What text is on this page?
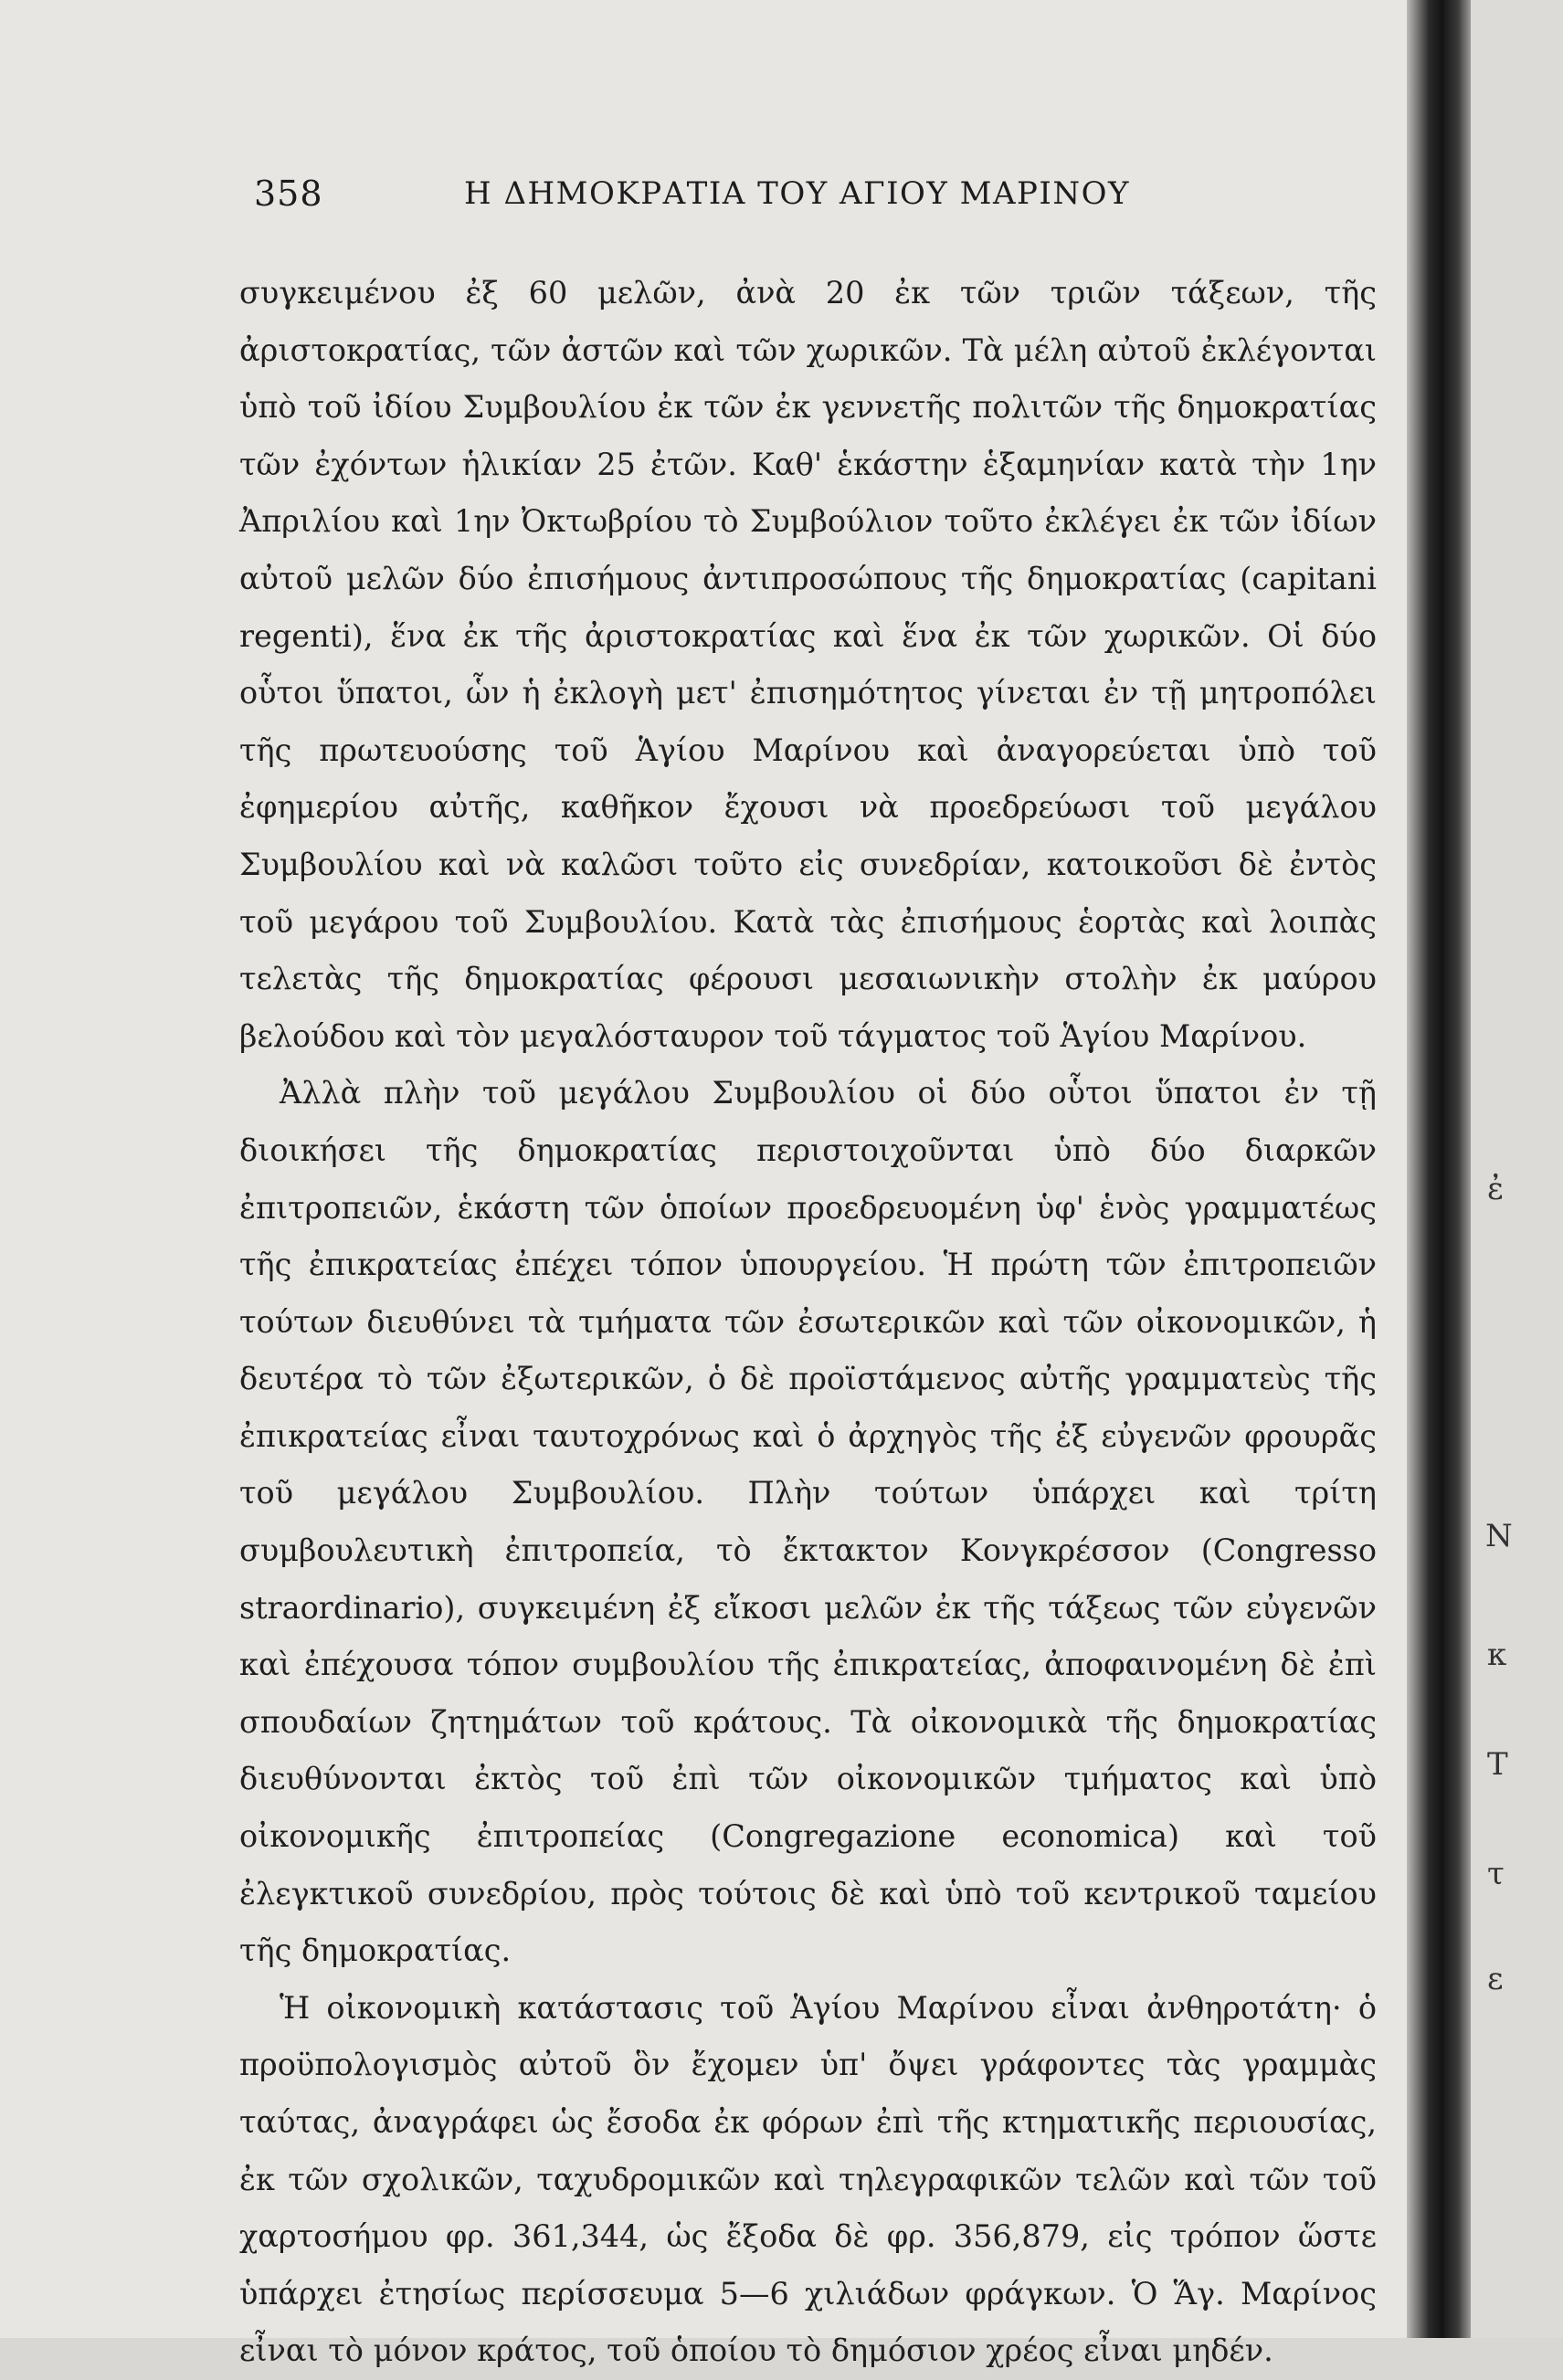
358	Η ΔΗΜΟΚΡΑΤΙΑ ΤΟΥ ΑΓΙΟΥ ΜΑΡΙΝΟΥ

συγκειμένου ἐξ 60 μελῶν, ἀνὰ 20 ἐκ τῶν τριῶν τάξεων, τῆς ἀριστοκρατίας, τῶν ἀστῶν καὶ τῶν χωρικῶν. Τὰ μέλη αὐτοῦ ἐκλέγονται ὑπὸ τοῦ ἰδίου Συμβουλίου ἐκ τῶν ἐκ γεννετῆς πολιτῶν τῆς δημοκρατίας τῶν ἐχόντων ἡλικίαν 25 ἐτῶν. Καθ' ἑκάστην ἑξαμηνίαν κατὰ τὴν 1ην Ἀπριλίου καὶ 1ην Ὀκτωβρίου τὸ Συμβούλιον τοῦτο ἐκλέγει ἐκ τῶν ἰδίων αὐτοῦ μελῶν δύο ἐπισήμους ἀντιπροσώπους τῆς δημοκρατίας (capitani regenti), ἕνα ἐκ τῆς ἀριστοκρατίας καὶ ἕνα ἐκ τῶν χωρικῶν. Οἱ δύο οὗτοι ὕπατοι, ὧν ἡ ἐκλογὴ μετ' ἐπισημότητος γίνεται ἐν τῇ μητροπόλει τῆς πρωτευούσης τοῦ Ἁγίου Μαρίνου καὶ ἀναγορεύεται ὑπὸ τοῦ ἐφημερίου αὐτῆς, καθῆκον ἔχουσι νὰ προεδρεύωσι τοῦ μεγάλου Συμβουλίου καὶ νὰ καλῶσι τοῦτο εἰς συνεδρίαν, κατοικοῦσι δὲ ἐντὸς τοῦ μεγάρου τοῦ Συμβουλίου. Κατὰ τὰς ἐπισήμους ἑορτὰς καὶ λοιπὰς τελετὰς τῆς δημοκρατίας φέρουσι μεσαιωνικὴν στολὴν ἐκ μαύρου βελούδου καὶ τὸν μεγαλόσταυρον τοῦ τάγματος τοῦ Ἁγίου Μαρίνου.

Ἀλλὰ πλὴν τοῦ μεγάλου Συμβουλίου οἱ δύο οὗτοι ὕπατοι ἐν τῇ διοικήσει τῆς δημοκρατίας περιστοιχοῦνται ὑπὸ δύο διαρκῶν ἐπιτροπειῶν, ἑκάστη τῶν ὁποίων προεδρευομένη ὑφ' ἑνὸς γραμματέως τῆς ἐπικρατείας ἐπέχει τόπον ὑπουργείου. Ἡ πρώτη τῶν ἐπιτροπειῶν τούτων διευθύνει τὰ τμήματα τῶν ἐσωτερικῶν καὶ τῶν οἰκονομικῶν, ἡ δευτέρα τὸ τῶν ἐξωτερικῶν, ὁ δὲ προϊστάμενος αὐτῆς γραμματεὺς τῆς ἐπικρατείας εἶναι ταυτοχρόνως καὶ ὁ ἀρχηγὸς τῆς ἐξ εὐγενῶν φρουρᾶς τοῦ μεγάλου Συμβουλίου. Πλὴν τούτων ὑπάρχει καὶ τρίτη συμβουλευτικὴ ἐπιτροπεία, τὸ ἔκτακτον Κονγκρέσσον (Congresso straordinario), συγκειμένη ἐξ εἴκοσι μελῶν ἐκ τῆς τάξεως τῶν εὐγενῶν καὶ ἐπέχουσα τόπον συμβουλίου τῆς ἐπικρατείας, ἀποφαινομένη δὲ ἐπὶ σπουδαίων ζητημάτων τοῦ κράτους. Τὰ οἰκονομικὰ τῆς δημοκρατίας διευθύνονται ἐκτὸς τοῦ ἐπὶ τῶν οἰκονομικῶν τμήματος καὶ ὑπὸ οἰκονομικῆς ἐπιτροπείας (Congregazione economica) καὶ τοῦ ἐλεγκτικοῦ συνεδρίου, πρὸς τούτοις δὲ καὶ ὑπὸ τοῦ κεντρικοῦ ταμείου τῆς δημοκρατίας.

Ἡ οἰκονομικὴ κατάστασις τοῦ Ἁγίου Μαρίνου εἶναι ἀνθηροτάτη· ὁ προϋπολογισμὸς αὐτοῦ ὃν ἔχομεν ὑπ' ὄψει γράφοντες τὰς γραμμὰς ταύτας, ἀναγράφει ὡς ἔσοδα ἐκ φόρων ἐπὶ τῆς κτηματικῆς περιουσίας, ἐκ τῶν σχολικῶν, ταχυδρομικῶν καὶ τηλεγραφικῶν τελῶν καὶ τῶν τοῦ χαρτοσήμου φρ. 361,344, ὡς ἔξοδα δὲ φρ. 356,879, εἰς τρόπον ὥστε ὑπάρχει ἐτησίως περίσσευμα 5—6 χιλιάδων φράγκων. Ὁ Ἅγ. Μαρίνος εἶναι τὸ μόνον κράτος, τοῦ ὁποίου τὸ δημόσιον χρέος εἶναι μηδέν.

ἐ
Ν
κ
Τ
τ
ε
